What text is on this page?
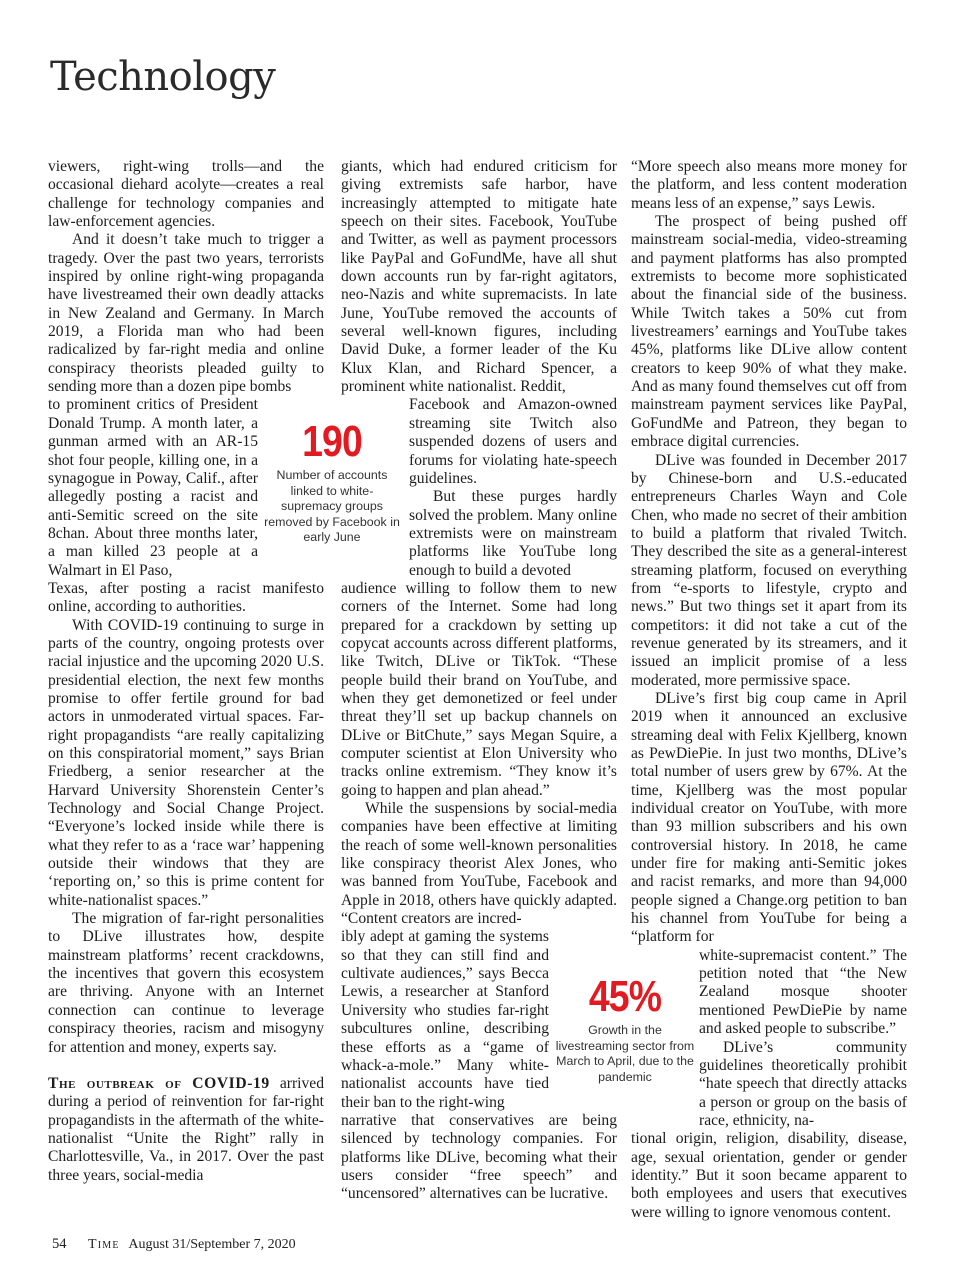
Technology

viewers, right-wing trolls—and the occasional diehard acolyte—creates a real challenge for technology companies and law-enforcement agencies.

And it doesn’t take much to trigger a tragedy. Over the past two years, terrorists inspired by online right-wing propaganda have livestreamed their own deadly attacks in New Zealand and Germany. In March 2019, a Florida man who had been radicalized by far-right media and online conspiracy theorists pleaded guilty to sending more than a dozen pipe bombs

to prominent critics of President Donald Trump. A month later, a gunman armed with an AR-15 shot four people, killing one, in a synagogue in Poway, Calif., after allegedly posting a racist and anti-Semitic screed on the site 8chan. About three months later, a man killed 23 people at a Walmart in El Paso,

Texas, after posting a racist manifesto online, according to authorities.

With COVID-19 continuing to surge in parts of the country, ongoing protests over racial injustice and the upcoming 2020 U.S. presidential election, the next few months promise to offer fertile ground for bad actors in unmoderated virtual spaces. Far-right propagandists “are really capitalizing on this conspiratorial moment,” says Brian Friedberg, a senior researcher at the Harvard University Shorenstein Center’s Technology and Social Change Project. “Everyone’s locked inside while there is what they refer to as a ‘race war’ happening outside their windows that they are ‘reporting on,’ so this is prime content for white-nationalist spaces.”

The migration of far-right personalities to DLive illustrates how, despite mainstream platforms’ recent crackdowns, the incentives that govern this ecosystem are thriving. Anyone with an Internet connection can continue to leverage conspiracy theories, racism and misogyny for attention and money, experts say.

The outbreak of COVID-19 arrived during a period of reinvention for far-right propagandists in the aftermath of the white-nationalist “Unite the Right” rally in Charlottesville, Va., in 2017. Over the past three years, social-media

190
Number of accounts linked to white-supremacy groups removed by Facebook in early June

giants, which had endured criticism for giving extremists safe harbor, have increasingly attempted to mitigate hate speech on their sites. Facebook, YouTube and Twitter, as well as payment processors like PayPal and GoFundMe, have all shut down accounts run by far-right agitators, neo-Nazis and white supremacists. In late June, YouTube removed the accounts of several well-known figures, including David Duke, a former leader of the Ku Klux Klan, and Richard Spencer, a prominent white nationalist. Reddit,

Facebook and Amazon-owned streaming site Twitch also suspended dozens of users and forums for violating hate-speech guidelines.

But these purges hardly solved the problem. Many online extremists were on mainstream platforms like YouTube long enough to build a devoted

audience willing to follow them to new corners of the Internet. Some had long prepared for a crackdown by setting up copycat accounts across different platforms, like Twitch, DLive or TikTok. “These people build their brand on YouTube, and when they get demonetized or feel under threat they’ll set up backup channels on DLive or BitChute,” says Megan Squire, a computer scientist at Elon University who tracks online extremism. “They know it’s going to happen and plan ahead.”

While the suspensions by social-media companies have been effective at limiting the reach of some well-known personalities like conspiracy theorist Alex Jones, who was banned from YouTube, Facebook and Apple in 2018, others have quickly adapted. “Content creators are incred-

ibly adept at gaming the systems so that they can still find and cultivate audiences,” says Becca Lewis, a researcher at Stanford University who studies far-right subcultures online, describing these efforts as a “game of whack-a-mole.” Many white-nationalist accounts have tied their ban to the right-wing

narrative that conservatives are being silenced by technology companies. For platforms like DLive, becoming what their users consider “free speech” and “uncensored” alternatives can be lucrative.

45%
Growth in the livestreaming sector from March to April, due to the pandemic

“More speech also means more money for the platform, and less content moderation means less of an expense,” says Lewis.

The prospect of being pushed off mainstream social-media, video-streaming and payment platforms has also prompted extremists to become more sophisticated about the financial side of the business. While Twitch takes a 50% cut from livestreamers’ earnings and YouTube takes 45%, platforms like DLive allow content creators to keep 90% of what they make. And as many found themselves cut off from mainstream payment services like PayPal, GoFundMe and Patreon, they began to embrace digital currencies.

DLive was founded in December 2017 by Chinese-born and U.S.-educated entrepreneurs Charles Wayn and Cole Chen, who made no secret of their ambition to build a platform that rivaled Twitch. They described the site as a general-interest streaming platform, focused on everything from “e-sports to lifestyle, crypto and news.” But two things set it apart from its competitors: it did not take a cut of the revenue generated by its streamers, and it issued an implicit promise of a less moderated, more permissive space.

DLive’s first big coup came in April 2019 when it announced an exclusive streaming deal with Felix Kjellberg, known as PewDiePie. In just two months, DLive’s total number of users grew by 67%. At the time, Kjellberg was the most popular individual creator on YouTube, with more than 93 million subscribers and his own controversial history. In 2018, he came under fire for making anti-Semitic jokes and racist remarks, and more than 94,000 people signed a Change.org petition to ban his channel from YouTube for being a “platform for

white-supremacist content.” The petition noted that “the New Zealand mosque shooter mentioned PewDiePie by name and asked people to subscribe.”

DLive’s community guidelines theoretically prohibit “hate speech that directly attacks a person or group on the basis of race, ethnicity, na-

tional origin, religion, disability, disease, age, sexual orientation, gender or gender identity.” But it soon became apparent to both employees and users that executives were willing to ignore venomous content.

54 Time August 31/September 7, 2020
